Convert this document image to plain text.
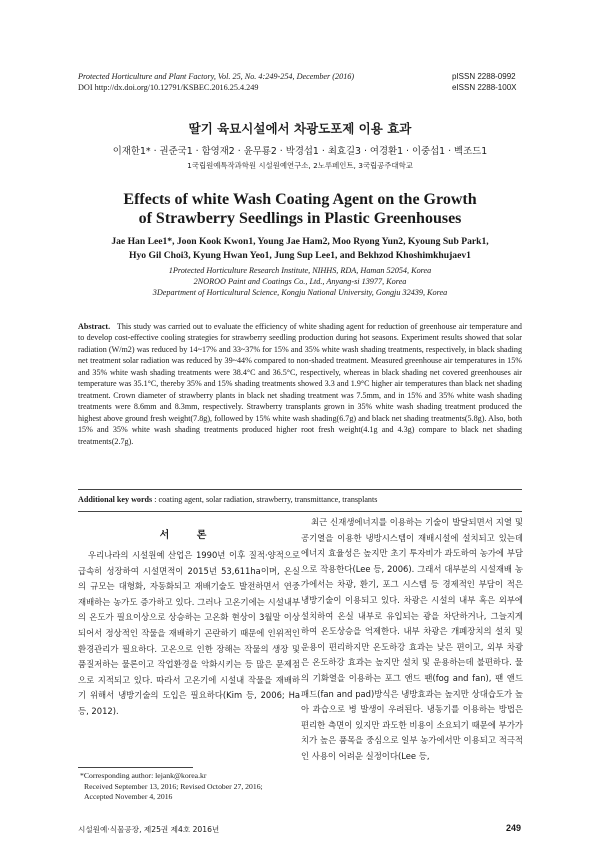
Protected Horticulture and Plant Factory, Vol. 25, No. 4:249-254, December (2016)
DOI http://dx.doi.org/10.12791/KSBEC.2016.25.4.249
pISSN 2288-0992
eISSN 2288-100X
딸기 육묘시설에서 차광도포제 이용 효과
이재한1* · 권준국1 · 함영재2 · 윤무룡2 · 박경섭1 · 최효길3 · 여경환1 · 이중섭1 · 벡조드1
1국립원예특작과학원 시설원예연구소, 2노루페인트, 3국립공주대학교
Effects of white Wash Coating Agent on the Growth
of Strawberry Seedlings in Plastic Greenhouses
Jae Han Lee1*, Joon Kook Kwon1, Young Jae Ham2, Moo Ryong Yun2, Kyoung Sub Park1,
Hyo Gil Choi3, Kyung Hwan Yeo1, Jung Sup Lee1, and Bekhzod Khoshimkhujaev1
1Protected Horticulture Research Institute, NIHHS, RDA, Haman 52054, Korea
2NOROO Paint and Coatings Co., Ltd., Anyang-si 13977, Korea
3Department of Horticultural Science, Kongju National University, Gongju 32439, Korea
Abstract. This study was carried out to evaluate the efficiency of white shading agent for reduction of greenhouse air temperature and to develop cost-effective cooling strategies for strawberry seedling production during hot seasons. Experiment results showed that solar radiation (W/m2) was reduced by 14~17% and 33~37% for 15% and 35% white wash shading treatments, respectively, in black shading net treatment solar radiation was reduced by 39~44% compared to non-shaded treatment. Measured greenhouse air temperatures in 15% and 35% white wash shading treatments were 38.4°C and 36.5°C, respectively, whereas in black shading net covered greenhouses air temperature was 35.1°C, thereby 35% and 15% shading treatments showed 3.3 and 1.9°C higher air temperatures than black net shading treatment. Crown diameter of strawberry plants in black net shading treatment was 7.5mm, and in 15% and 35% white wash shading treatments were 8.6mm and 8.3mm, respectively. Strawberry transplants grown in 35% white wash shading treatment produced the highest above ground fresh weight(7.8g), followed by 15% white wash shading(6.7g) and black net shading treatments(5.8g). Also, both 15% and 35% white wash shading treatments produced higher root fresh weight(4.1g and 4.3g) compare to black net shading treatments(2.7g).
Additional key words : coating agent, solar radiation, strawberry, transmittance, transplants
서 론

우리나라의 시설원예 산업은 1990년 이후 질적·양적으로 급속히 성장하여 시설면적이 2015년 53,611ha이며, 온실의 규모는 대형화, 자동화되고 재배기술도 발전하면서 연중 재배하는 농가도 증가하고 있다. 그러나 고온기에는 시설내부의 온도가 필요이상으로 상승하는 고온화 현상이 3월말 이상 되어서 정상적인 작물을 재배하기 곤란하기 때문에 인위적인 환경관리가 필요하다. 고온으로 인한 장해는 작물의 생장 및 품질저하는 물론이고 작업환경을 악화시키는 등 많은 문제점으로 지적되고 있다. 따라서 고온기에 시설내 작물을 재배하기 위해서 냉방기술의 도입은 필요하다(Kim 등, 2006; Ha 등, 2012).

최근 신재생에너지를 이용하는 기술이 발달되면서 지열 및 공기열을 이용한 냉방시스템이 재배시설에 설치되고 있는데 에너지 효율성은 높지만 초기 투자비가 과도하여 농가에 부담으로 작용한다(Lee 등, 2006). 그래서 대부분의 시설재배 농가에서는 차광, 환기, 포그 시스템 등 경제적인 부담이 적은 냉방기술이 이용되고 있다. 차광은 시설의 내부 혹은 외부에 설치하여 온실 내부로 유입되는 광을 차단하거나, 그늘지게 하여 온도상승을 억제한다. 내부 차광은 개폐장치의 설치 및 운용이 편리하지만 온도하강 효과는 낮은 편이고, 외부 차광은 온도하강 효과는 높지만 설치 및 운용하는데 불편하다. 물의 기화열을 이용하는 포그 앤드 팬(fog and fan), 팬 앤드 패드(fan and pad)방식은 냉방효과는 높지만 상대습도가 높아 과습으로 병 발생이 우려된다. 냉동기를 이용하는 방법은 편리한 측면이 있지만 과도한 비용이 소요되기 때문에 부가가치가 높은 품목을 중심으로 일부 농가에서만 이용되고 적극적인 사용이 어려운 실정이다(Lee 등,

*Corresponding author: lejank@korea.kr
Received September 13, 2016; Revised October 27, 2016;
Accepted November 4, 2016
시설원예·식물공장, 제25권 제4호 2016년	249
